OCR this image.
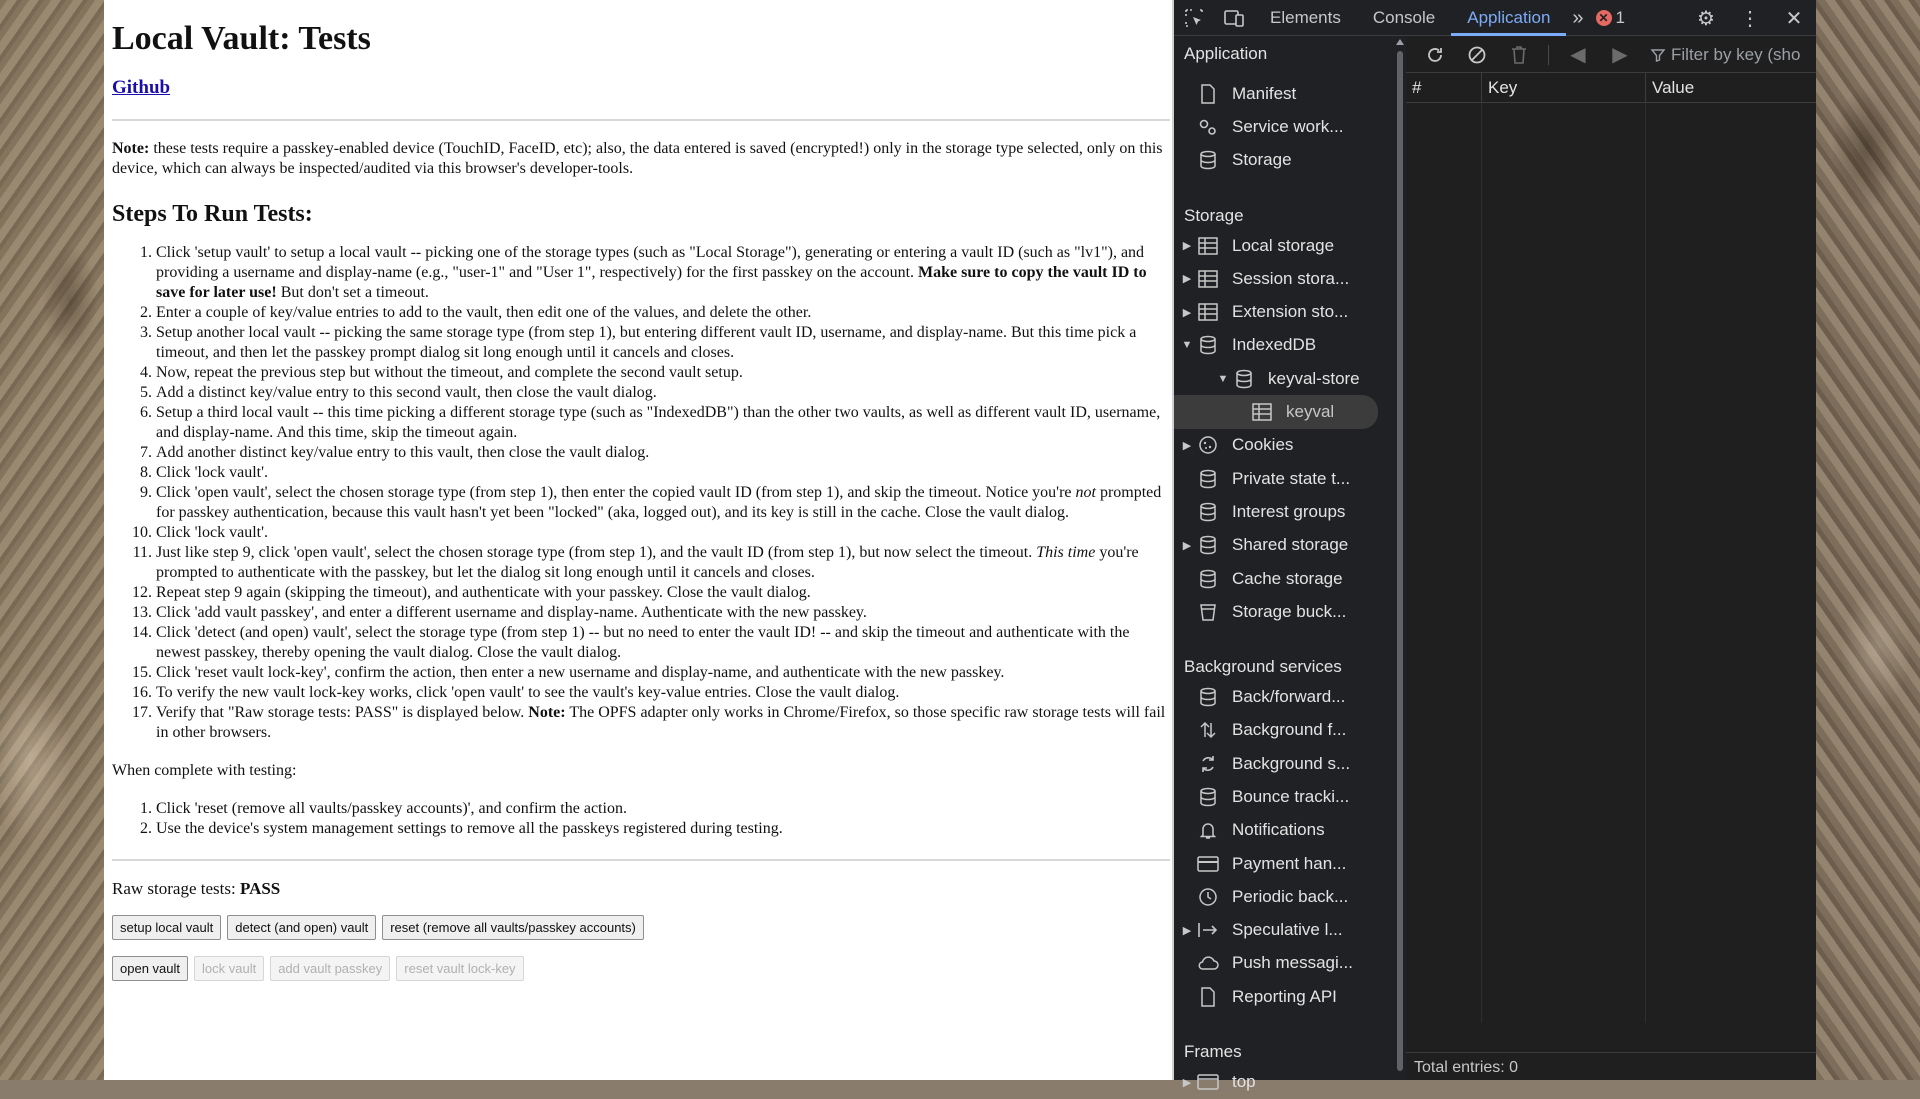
Local Vault: Tests
Github

Note: these tests require a passkey-enabled device (TouchID, FaceID, etc); also, the data entered is saved (encrypted!) only in the storage type selected, only on this device, which can always be inspected/audited via this browser's developer-tools.

Steps To Run Tests:
1. Click 'setup vault' to setup a local vault -- picking one of the storage types (such as "Local Storage"), generating or entering a vault ID (such as "lv1"), and providing a username and display-name (e.g., "user-1" and "User 1", respectively) for the first passkey on the account. Make sure to copy the vault ID to save for later use! But don't set a timeout.
2. Enter a couple of key/value entries to add to the vault, then edit one of the values, and delete the other.
3. Setup another local vault -- picking the same storage type (from step 1), but entering different vault ID, username, and display-name. But this time pick a timeout, and then let the passkey prompt dialog sit long enough until it cancels and closes.
4. Now, repeat the previous step but without the timeout, and complete the second vault setup.
5. Add a distinct key/value entry to this second vault, then close the vault dialog.
6. Setup a third local vault -- this time picking a different storage type (such as "IndexedDB") than the other two vaults, as well as different vault ID, username, and display-name. And this time, skip the timeout again.
7. Add another distinct key/value entry to this vault, then close the vault dialog.
8. Click 'lock vault'.
9. Click 'open vault', select the chosen storage type (from step 1), then enter the copied vault ID (from step 1), and skip the timeout. Notice you're not prompted for passkey authentication, because this vault hasn't yet been "locked" (aka, logged out), and its key is still in the cache. Close the vault dialog.
10. Click 'lock vault'.
11. Just like step 9, click 'open vault', select the chosen storage type (from step 1), and the vault ID (from step 1), but now select the timeout. This time you're prompted to authenticate with the passkey, but let the dialog sit long enough until it cancels and closes.
12. Repeat step 9 again (skipping the timeout), and authenticate with your passkey. Close the vault dialog.
13. Click 'add vault passkey', and enter a different username and display-name. Authenticate with the new passkey.
14. Click 'detect (and open) vault', select the storage type (from step 1) -- but no need to enter the vault ID! -- and skip the timeout and authenticate with the newest passkey, thereby opening the vault dialog. Close the vault dialog.
15. Click 'reset vault lock-key', confirm the action, then enter a new username and display-name, and authenticate with the new passkey.
16. To verify the new vault lock-key works, click 'open vault' to see the vault's key-value entries. Close the vault dialog.
17. Verify that "Raw storage tests: PASS" is displayed below. Note: The OPFS adapter only works in Chrome/Firefox, so those specific raw storage tests will fail in other browsers.

When complete with testing:

1. Click 'reset (remove all vaults/passkey accounts)', and confirm the action.
2. Use the device's system management settings to remove all the passkeys registered during testing.

Raw storage tests: PASS

setup local vault	detect (and open) vault	reset (remove all vaults/passkey accounts)
open vault	lock vault	add vault passkey	reset vault lock-key
Elements	Console	Application	»	✕ 1	⚙	⋮	✕
Application
Manifest
Service work...
Storage
Storage
▶ Local storage
▶ Session stora...
▶ Extension sto...
▼ IndexedDB
▼ keyval-store
keyval
▶ Cookies
Private state t...
Interest groups
▶ Shared storage
Cache storage
Storage buck...
Background services
Back/forward...
Background f...
Background s...
Bounce tracki...
Notifications
Payment han...
Periodic back...
▶ Speculative l...
Push messagi...
Reporting API
Frames
▶ top
◀	▶	Filter by key (sho
#	Key	Value
Total entries: 0
